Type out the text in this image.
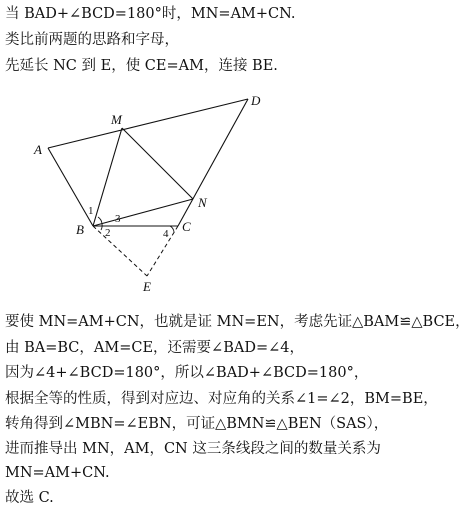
当 BAD+∠BCD=180°时，MN=AM+CN.
类比前两题的思路和字母，
先延长 NC 到 E，使 CE=AM，连接 BE.
A
M
D
B	C
N
E
1
2
3
4
要使 MN=AM+CN，也就是证 MN=EN，考虑先证△BAM≌△BCE，
由 BA=BC，AM=CE，还需要∠BAD=∠4，
因为∠4+∠BCD=180°，所以∠BAD+∠BCD=180°，
根据全等的性质，得到对应边、对应角的关系∠1=∠2，BM=BE，
转角得到∠MBN=∠EBN，可证△BMN≌△BEN（SAS），
进而推导出 MN，AM，CN 这三条线段之间的数量关系为
MN=AM+CN.
故选 C.
